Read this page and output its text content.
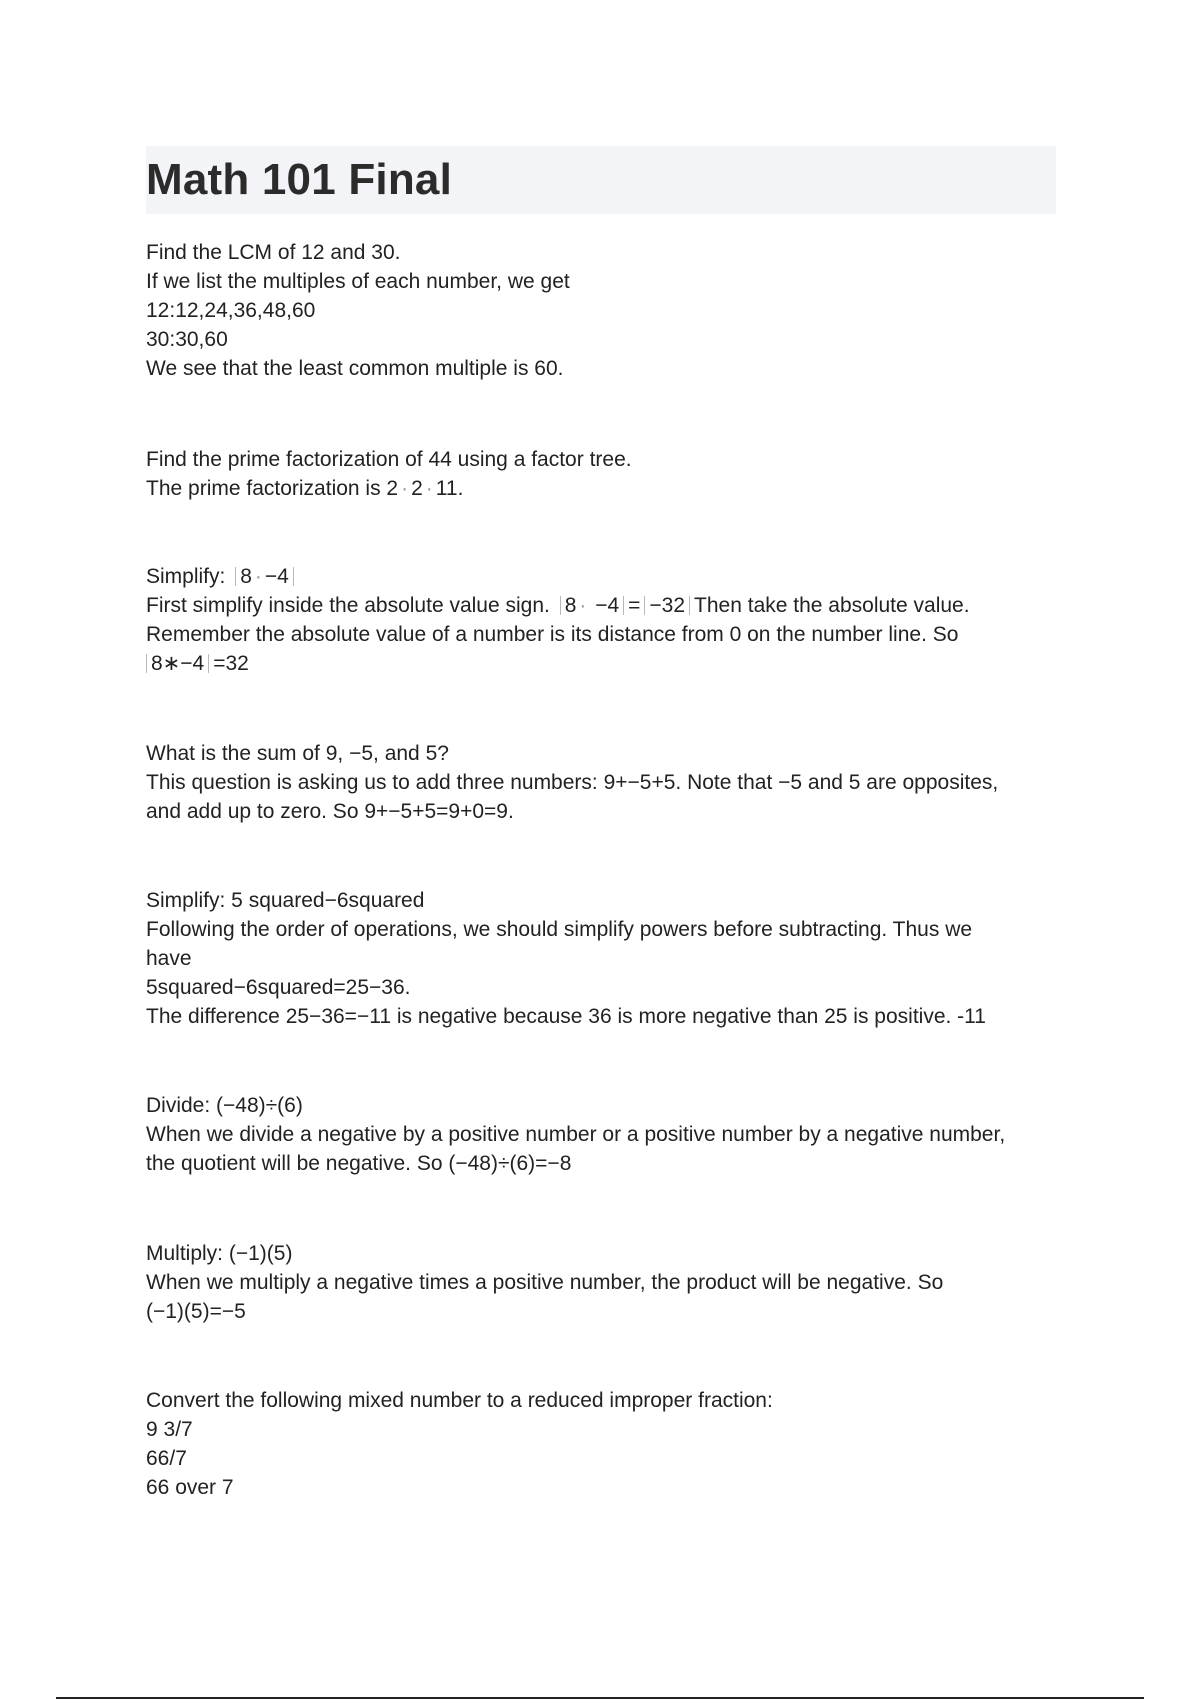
Math 101 Final
Find the LCM of 12 and 30.
If we list the multiples of each number, we get
12:12,24,36,48,60
30:30,60
We see that the least common multiple is 60.
Find the prime factorization of 44 using a factor tree.
The prime factorization is 2 · 2 · 11.
Simplify: 8 · −4
First simplify inside the absolute value sign. 8 · −4 = −32 Then take the absolute value.
Remember the absolute value of a number is its distance from 0 on the number line. So
8∗−4 =32
What is the sum of 9, −5, and 5?
This question is asking us to add three numbers: 9+−5+5. Note that −5 and 5 are opposites,
and add up to zero. So 9+−5+5=9+0=9.
Simplify: 5 squared−6squared
Following the order of operations, we should simplify powers before subtracting. Thus we
have
5squared−6squared=25−36.
The difference 25−36=−11 is negative because 36 is more negative than 25 is positive. -11
Divide: (−48)÷(6)
When we divide a negative by a positive number or a positive number by a negative number,
the quotient will be negative. So (−48)÷(6)=−8
Multiply: (−1)(5)
When we multiply a negative times a positive number, the product will be negative. So
(−1)(5)=−5
Convert the following mixed number to a reduced improper fraction:
9 3/7
66/7
66 over 7
